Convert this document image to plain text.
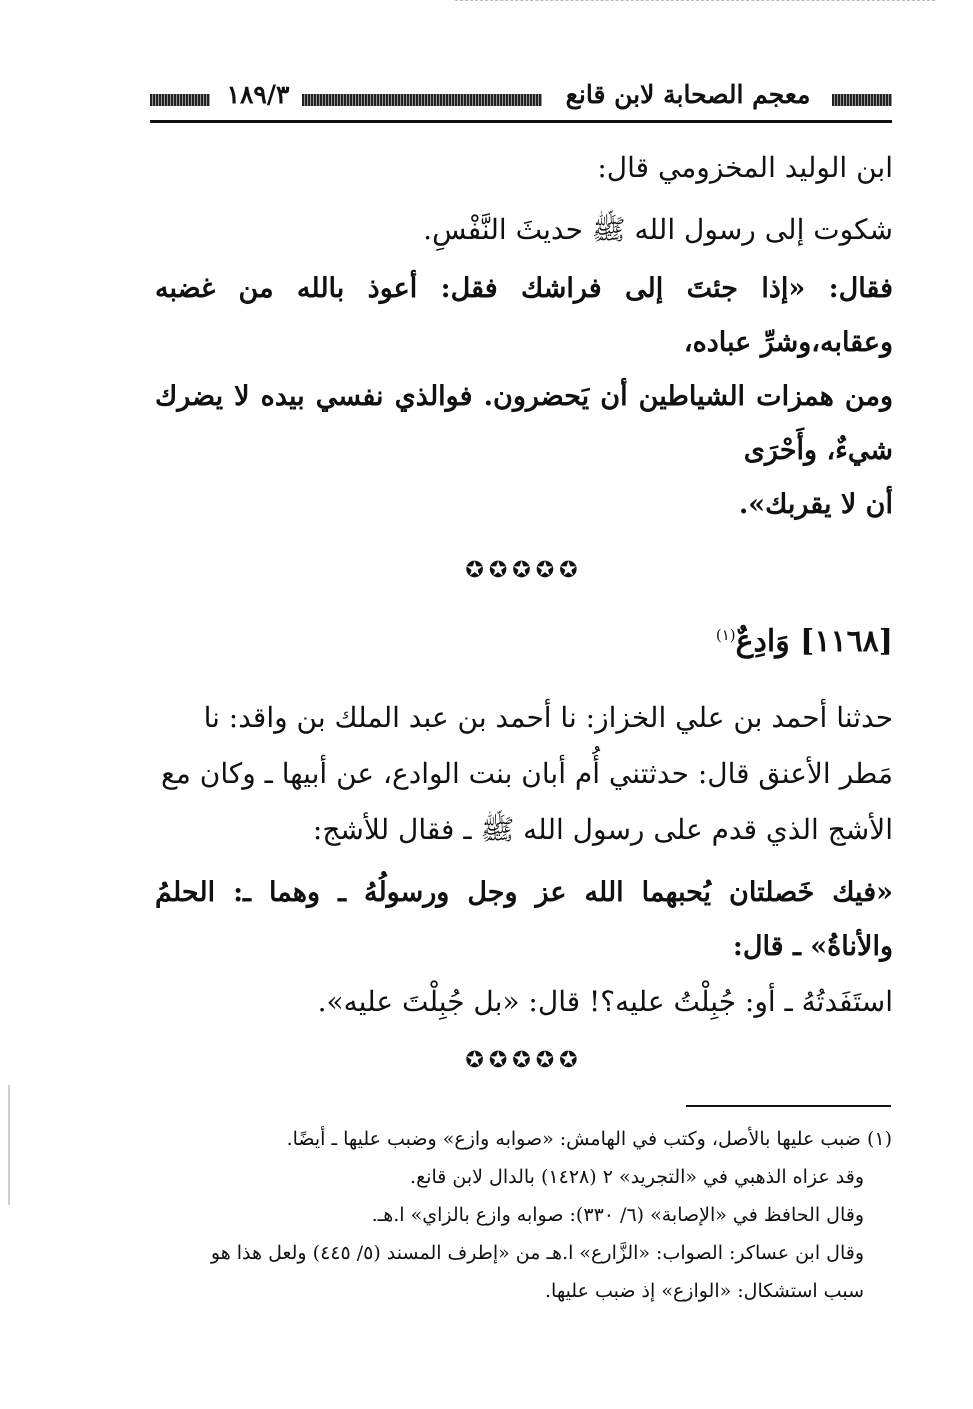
١٨٩/٣	معجم الصحابة لابن قانع

ابن الوليد المخزومي قال:

شكوت إلى رسول الله ﷺ حديثَ النَّفْسِ.

فقال: «إذا جئتَ إلى فراشك فقل: أعوذ بالله من غضبه وعقابه،وشرِّ عباده،

ومن همزات الشياطين أن يَحضرون. فوالذي نفسي بيده لا يضرك شيءٌ، وأَحْرَى

أن لا يقربك».

✪✪✪✪✪

[١١٦٨] وَادِعٌ$^{(١)}$

حدثنا أحمد بن علي الخزاز: نا أحمد بن عبد الملك بن واقد: نا

مَطر الأعنق قال: حدثتني أُم أبان بنت الوادع، عن أبيها ـ وكان مع

الأشج الذي قدم على رسول الله ﷺ ـ فقال للأشج:

«فيك خَصلتان يُحبهما الله عز وجل ورسولُهُ ـ وهما ـ: الحلمُ والأناةُ» ـ قال:

استَفَدتُهُ ـ أو: جُبِلْتُ عليه؟! قال: «بل جُبِلْتَ عليه».

✪✪✪✪✪

(١) ضبب عليها بالأصل، وكتب في الهامش: «صوابه وازع» وضبب عليها ـ أيضًا.

وقد عزاه الذهبي في «التجريد» ٢ (١٤٢٨) بالدال لابن قانع.

وقال الحافظ في «الإصابة» (٦/ ٣٣٠): صوابه وازع بالزاي» ا.هـ.

وقال ابن عساكر: الصواب: «الزَّارع» ا.هـ من «إطرف المسند (٥/ ٤٤٥) ولعل هذا هو

سبب استشكال: «الوازع» إذ ضبب عليها.
